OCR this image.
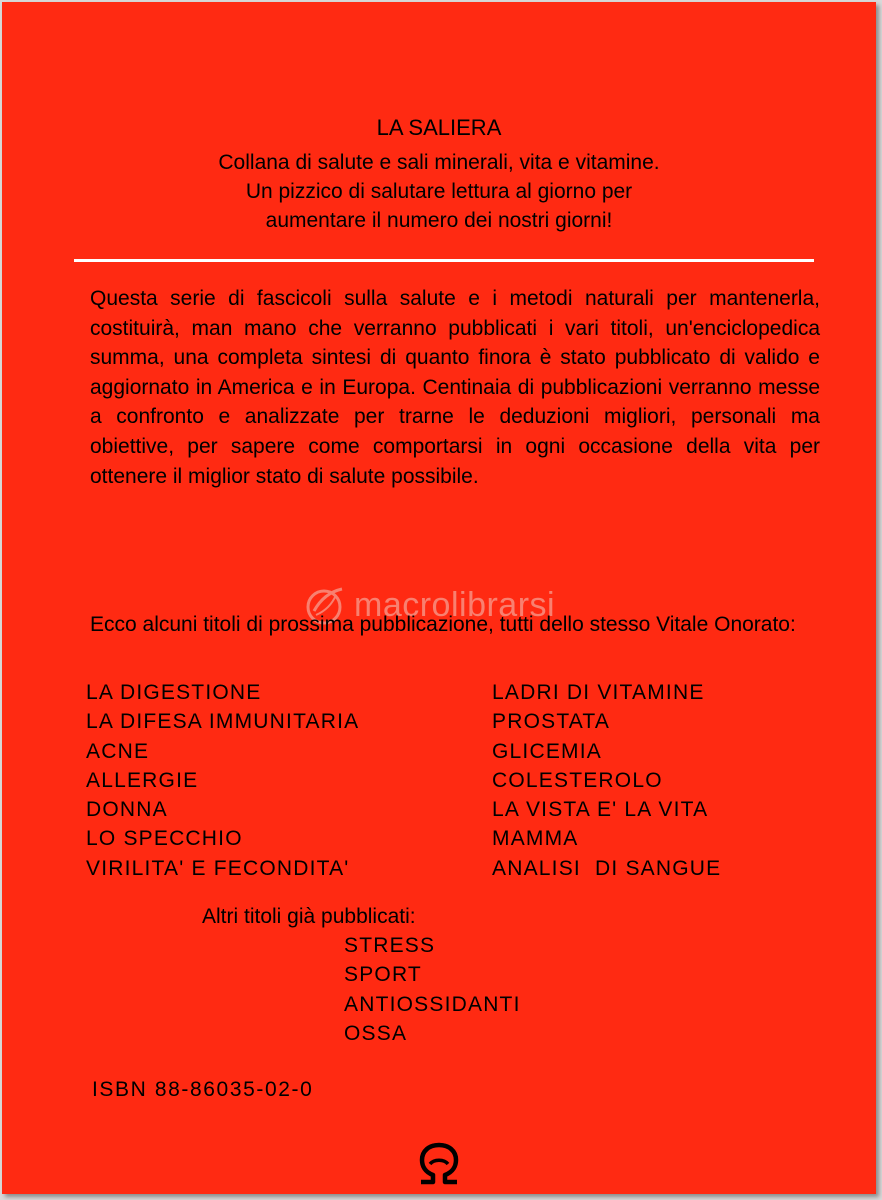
LA SALIERA
Collana di salute e sali minerali, vita e vitamine.
Un pizzico di salutare lettura al giorno per
aumentare il numero dei nostri giorni!

Questa serie di fascicoli sulla salute e i metodi naturali per mantenerla, costituirà, man mano che verranno pubblicati i vari titoli, un'enciclopedica summa, una completa sintesi di quanto finora è stato pubblicato di valido e aggiornato in America e in Europa. Centinaia di pubblicazioni verranno messe a confronto e analizzate per trarne le deduzioni migliori, personali ma obiettive, per sapere come comportarsi in ogni occasione della vita per ottenere il miglior stato di salute possibile.

macrolibrarsi

Ecco alcuni titoli di prossima pubblicazione, tutti dello stesso Vitale Onorato:

LA DIGESTIONE
LA DIFESA IMMUNITARIA
ACNE
ALLERGIE
DONNA
LO SPECCHIO
VIRILITA' E FECONDITA'
LADRI DI VITAMINE
PROSTATA
GLICEMIA
COLESTEROLO
LA VISTA E' LA VITA
MAMMA
ANALISI  DI SANGUE
Altri titoli già pubblicati:
STRESS
SPORT
ANTIOSSIDANTI
OSSA
ISBN 88-86035-02-0
